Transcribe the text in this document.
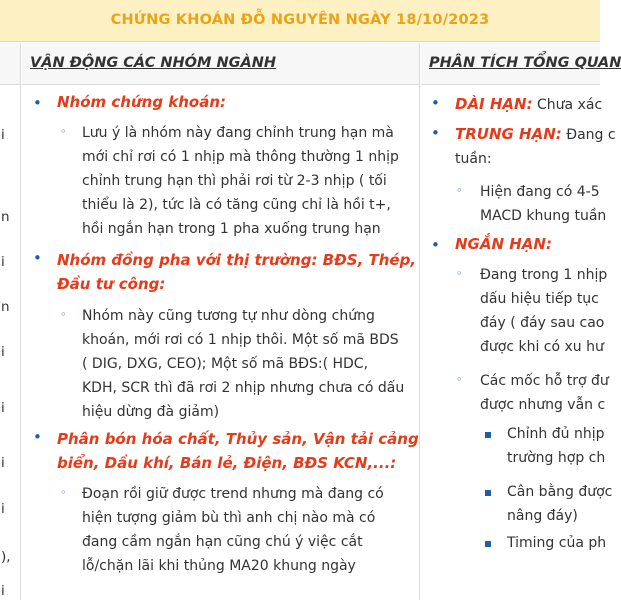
CHỨNG KHOÁN ĐỖ NGUYÊN NGÀY 18/10/2023
i
n
i
n
i
i
i
i
),
i
VẬN ĐỘNG CÁC NHÓM NGÀNH
• Nhóm chứng khoán:
◦ Lưu ý là nhóm này đang chỉnh trung hạn mà
mới chỉ rơi có 1 nhịp mà thông thường 1 nhịp
chỉnh trung hạn thì phải rơi từ 2-3 nhịp ( tối
thiểu là 2), tức là có tăng cũng chỉ là hồi t+,
hồi ngắn hạn trong 1 pha xuống trung hạn
• Nhóm đồng pha với thị trường: BĐS, Thép,
Đầu tư công:
◦ Nhóm này cũng tương tự như dòng chứng
khoán, mới rơi có 1 nhịp thôi. Một số mã BDS
( DIG, DXG, CEO); Một số mã BĐS:( HDC,
KDH, SCR thì đã rơi 2 nhịp nhưng chưa có dấu
hiệu dừng đà giảm)
• Phân bón hóa chất, Thủy sản, Vận tải cảng
biển, Dầu khí, Bán lẻ, Điện, BĐS KCN,...:
◦ Đoạn rồi giữ được trend nhưng mà đang có
hiện tượng giảm bù thì anh chị nào mà có
đang cầm ngắn hạn cũng chú ý việc cắt
lỗ/chặn lãi khi thủng MA20 khung ngày
PHÂN TÍCH TỔNG QUAN
• DÀI HẠN: Chưa xác
• TRUNG HẠN: Đang c
tuần:
◦ Hiện đang có 4-5
MACD khung tuần
• NGẮN HẠN:
◦ Đang trong 1 nhịp
dấu hiệu tiếp tục
đáy ( đáy sau cao
được khi có xu hư
◦ Các mốc hỗ trợ đư
được nhưng vẫn c
Chỉnh đủ nhịp
trường hợp ch
Cân bằng được
nâng đáy)
Timing của ph
